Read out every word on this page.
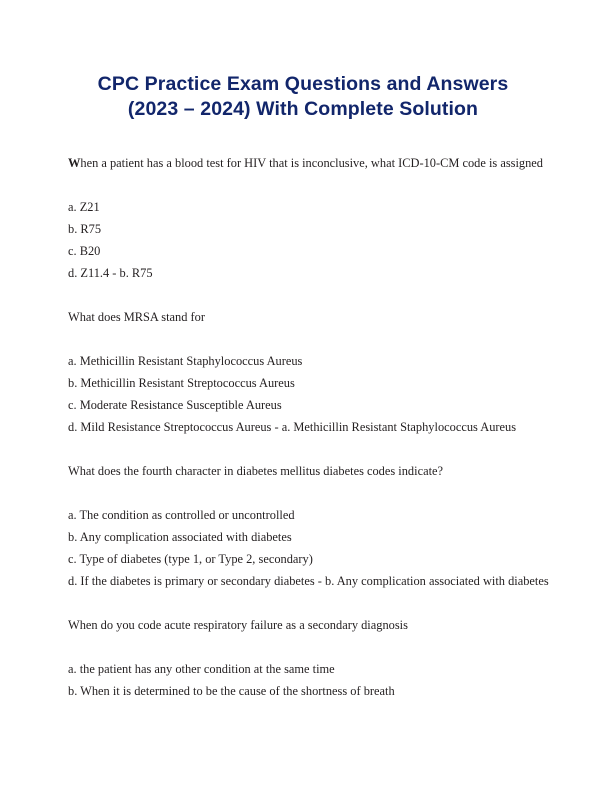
CPC Practice Exam Questions and Answers
(2023 – 2024) With Complete Solution

When a patient has a blood test for HIV that is inconclusive, what ICD-10-CM code is assigned

a. Z21
b. R75
c. B20
d. Z11.4 - b. R75

What does MRSA stand for

a. Methicillin Resistant Staphylococcus Aureus
b. Methicillin Resistant Streptococcus Aureus
c. Moderate Resistance Susceptible Aureus
d. Mild Resistance Streptococcus Aureus - a. Methicillin Resistant Staphylococcus Aureus

What does the fourth character in diabetes mellitus diabetes codes indicate?

a. The condition as controlled or uncontrolled
b. Any complication associated with diabetes
c. Type of diabetes (type 1, or Type 2, secondary)
d. If the diabetes is primary or secondary diabetes - b. Any complication associated with diabetes

When do you code acute respiratory failure as a secondary diagnosis

a. the patient has any other condition at the same time
b. When it is determined to be the cause of the shortness of breath
